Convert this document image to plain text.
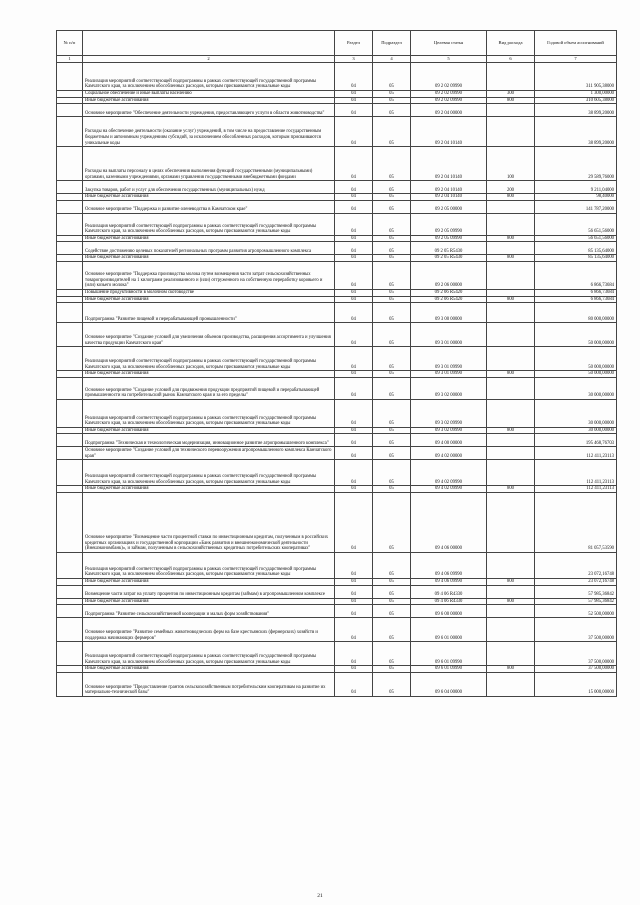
№ п/п		Раздел	Подраздел	Целевая статья	Вид расхода	Годовой объем ассигнований
1	2	3	4	5	6	7
	Реализация мероприятий соответствующей подпрограммы в рамках соответствующей государственной программы Камчатского края, за исключением обособленных расходов, которым присваиваются уникальные коды	04	05	09 2 02 09990		311 905,38000
	Социальное обеспечение и иные выплаты населению	04	05	09 2 02 09990	300	1 300,00000
	Иные бюджетные ассигнования	04	05	09 2 02 09990	800	310 605,38000
	Основное мероприятие "Обеспечение деятельности учреждения, предоставляющего услуги в области животноводства"	04	05	09 2 04 00000		38 899,20000
	Расходы на обеспечение деятельности (оказание услуг) учреждений, в том числе на предоставление государственным бюджетным и автономным учреждениям субсидий, за исключением обособленных расходов, которым присваиваются уникальные коды	04	05	09 2 04 10140		38 899,20000
	Расходы на выплаты персоналу в целях обеспечения выполнения функций государственными (муниципальными) органами, казенными учреждениями, органами управления государственными внебюджетными фондами	04	05	09 2 04 10140	100	29 589,76000
	Закупка товаров, работ и услуг для обеспечения государственных (муниципальных) нужд	04	05	09 2 04 10140	200	9 211,04000
	Иные бюджетные ассигнования	04	05	09 2 04 10140	800	98,40000
	Основное мероприятие "Поддержка и развитие оленеводства в Камчатском крае"	04	05	09 2 05 00000		141 787,20000
	Реализация мероприятий соответствующей подпрограммы в рамках соответствующей государственной программы Камчатского края, за исключением обособленных расходов, которым присваиваются уникальные коды	04	05	09 2 05 09990		56 651,56000
	Иные бюджетные ассигнования	04	05	09 2 05 09990	800	56 651,56000
	Содействие достижению целевых показателей региональных программ развития агропромышленного комплекса	04	05	09 2 05 R5430		85 135,64000
	Иные бюджетные ассигнования	04	05	09 2 05 R5430	800	85 135,64000
	Основное мероприятие "Поддержка производства молока путем возмещения части затрат сельскохозяйственных товаропроизводителей на 1 килограмм реализованного и (или) отгруженного на собственную переработку коровьего и (или) козьего молока"	04	05	09 2 06 00000		6 866,73684
	Повышение продуктивности в молочном скотоводстве	04	05	09 2 06 R5420		6 866,73684
	Иные бюджетные ассигнования	04	05	09 2 06 R5420	800	6 866,73684
	Подпрограмма "Развитие пищевой и перерабатывающей промышленности"	04	05	09 3 00 00000		80 000,00000
	Основное мероприятие "Создание условий для увеличения объемов производства, расширения ассортимента и улучшения качества продукции Камчатского края"	04	05	09 3 01 00000		50 000,00000
	Реализация мероприятий соответствующей подпрограммы в рамках соответствующей государственной программы Камчатского края, за исключением обособленных расходов, которым присваиваются уникальные коды	04	05	09 3 01 09990		50 000,00000
	Иные бюджетные ассигнования	04	05	09 3 01 09990	800	50 000,00000
	Основное мероприятие "Создание условий для продвижения продукции предприятий пищевой и перерабатывающей промышленности на потребительский рынок Камчатского края и за его пределы"	04	05	09 3 02 00000		30 000,00000
	Реализация мероприятий соответствующей подпрограммы в рамках соответствующей государственной программы Камчатского края, за исключением обособленных расходов, которым присваиваются уникальные коды	04	05	09 3 02 09990		30 000,00000
	Иные бюджетные ассигнования	04	05	09 3 02 09990	800	30 000,00000
	Подпрограмма "Техническая и технологическая модернизация, инновационное развитие агропромышленного комплекса"	04	05	09 4 00 00000		195 468,76703
	Основное мероприятие "Создание условий для технического перевооружения агропромышленного комплекса Камчатского края"	04	05	09 4 02 00000		112 411,23113
	Реализация мероприятий соответствующей подпрограммы в рамках соответствующей государственной программы Камчатского края, за исключением обособленных расходов, которым присваиваются уникальные коды	04	05	09 4 02 09990		112 411,23113
	Иные бюджетные ассигнования	04	05	09 4 02 09990	800	112 411,23113
	Основное мероприятие "Возмещение части процентной ставки по инвестиционным кредитам, полученным в российских кредитных организациях и государственной корпорации «Банк развития и внешнеэкономической деятельности (Внешэкономбанк)», и займам, полученным в сельскохозяйственных кредитных потребительских кооперативах"	04	05	09 4 06 00000		81 057,53590
	Реализация мероприятий соответствующей подпрограммы в рамках соответствующей государственной программы Камчатского края, за исключением обособленных расходов, которым присваиваются уникальные коды	04	05	09 4 06 09990		23 072,16748
	Иные бюджетные ассигнования	04	05	09 4 06 09990	800	23 072,16748
	Возмещение части затрат на уплату процентов по инвестиционным кредитам (займам) в агропромышленном комплексе	04	05	09 4 06 R4330		57 985,36842
	Иные бюджетные ассигнования	04	05	09 4 06 R4330	800	57 985,36842
	Подпрограмма "Развитие сельскохозяйственной кооперации и малых форм хозяйствования"	04	05	09 6 00 00000		52 500,00000
	Основное мероприятие "Развитие семейных животноводческих ферм на базе крестьянских (фермерских) хозяйств и поддержка начинающих фермеров"	04	05	09 6 01 00000		37 500,00000
	Реализация мероприятий соответствующей подпрограммы в рамках соответствующей государственной программы Камчатского края, за исключением обособленных расходов, которым присваиваются уникальные коды	04	05	09 6 01 09990		37 500,00000
	Иные бюджетные ассигнования	04	05	09 6 01 09990	800	37 500,00000
	Основное мероприятие "Предоставление грантов сельскохозяйственным потребительским кооперативам на развитие их материально-технической базы"	04	05	09 6 04 00000		15 000,00000
21
